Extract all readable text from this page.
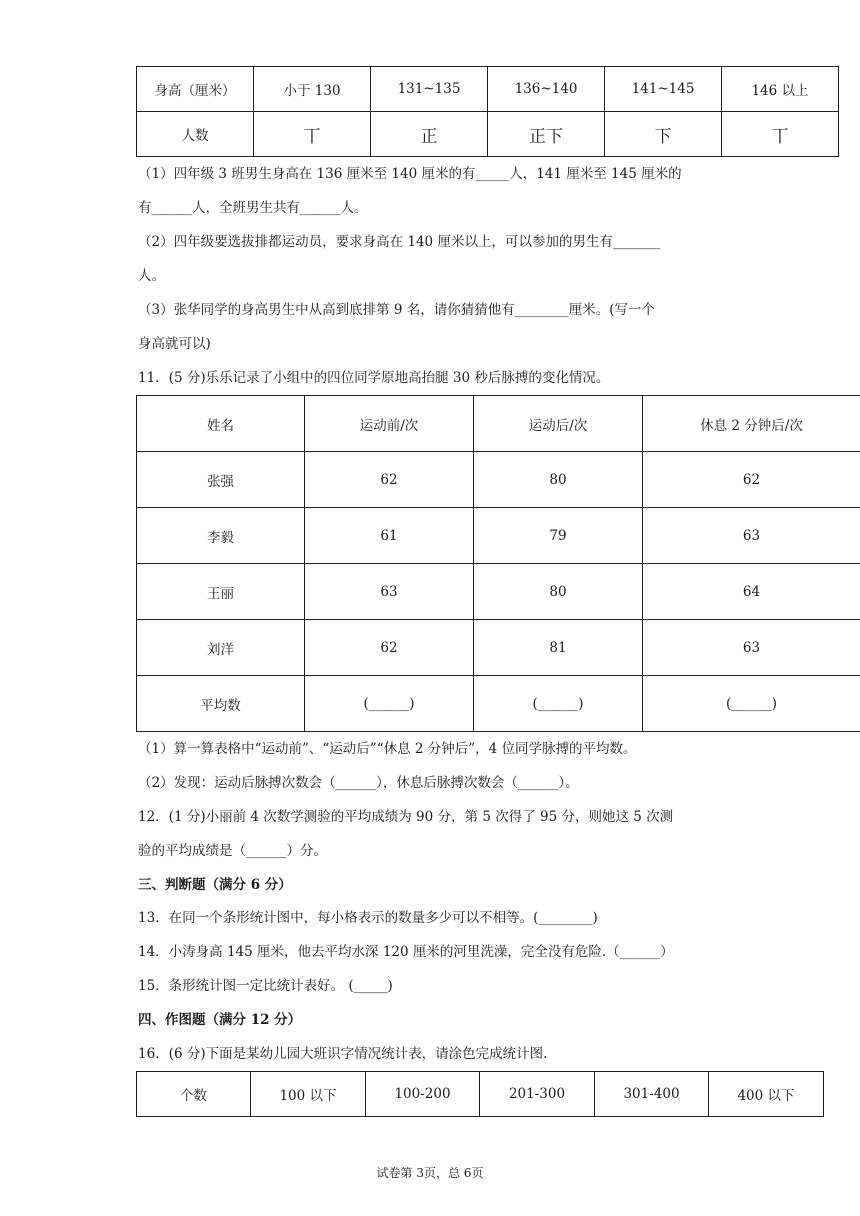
身高（厘米）	小于 130	131~135	136~140	141~145	146 以上
人数	丅	正	正下	下	丅
（1）四年级 3 班男生身高在 136 厘米至 140 厘米的有_____人，141 厘米至 145 厘米的
有______人，全班男生共有______人。
（2）四年级要选拔排都运动员，要求身高在 140 厘米以上，可以参加的男生有_______
人。
（3）张华同学的身高男生中从高到底排第 9 名，请你猜猜他有________厘米。(写一个
身高就可以)
11．(5 分)乐乐记录了小组中的四位同学原地高抬腿 30 秒后脉搏的变化情况。
姓名	运动前/次	运动后/次	休息 2 分钟后/次
张强	62	80	62
李毅	61	79	63
王丽	63	80	64
刘洋	62	81	63
平均数	(______)	(______)	(______)
（1）算一算表格中“运动前”、“运动后”“休息 2 分钟后”，4 位同学脉搏的平均数。
（2）发现：运动后脉搏次数会（______），休息后脉搏次数会（______）。
12．(1 分)小丽前 4 次数学测验的平均成绩为 90 分，第 5 次得了 95 分，则她这 5 次测
验的平均成绩是（______）分。
三、判断题（满分 6 分）
13．在同一个条形统计图中，每小格表示的数量多少可以不相等。(________)
14．小涛身高 145 厘米，他去平均水深 120 厘米的河里洗澡，完全没有危险.（______）
15．条形统计图一定比统计表好。 (_____)
四、作图题（满分 12 分）
16．(6 分)下面是某幼儿园大班识字情况统计表，请涂色完成统计图.
个数	100 以下	100-200	201-300	301-400	400 以下
试卷第 3页，总 6页
